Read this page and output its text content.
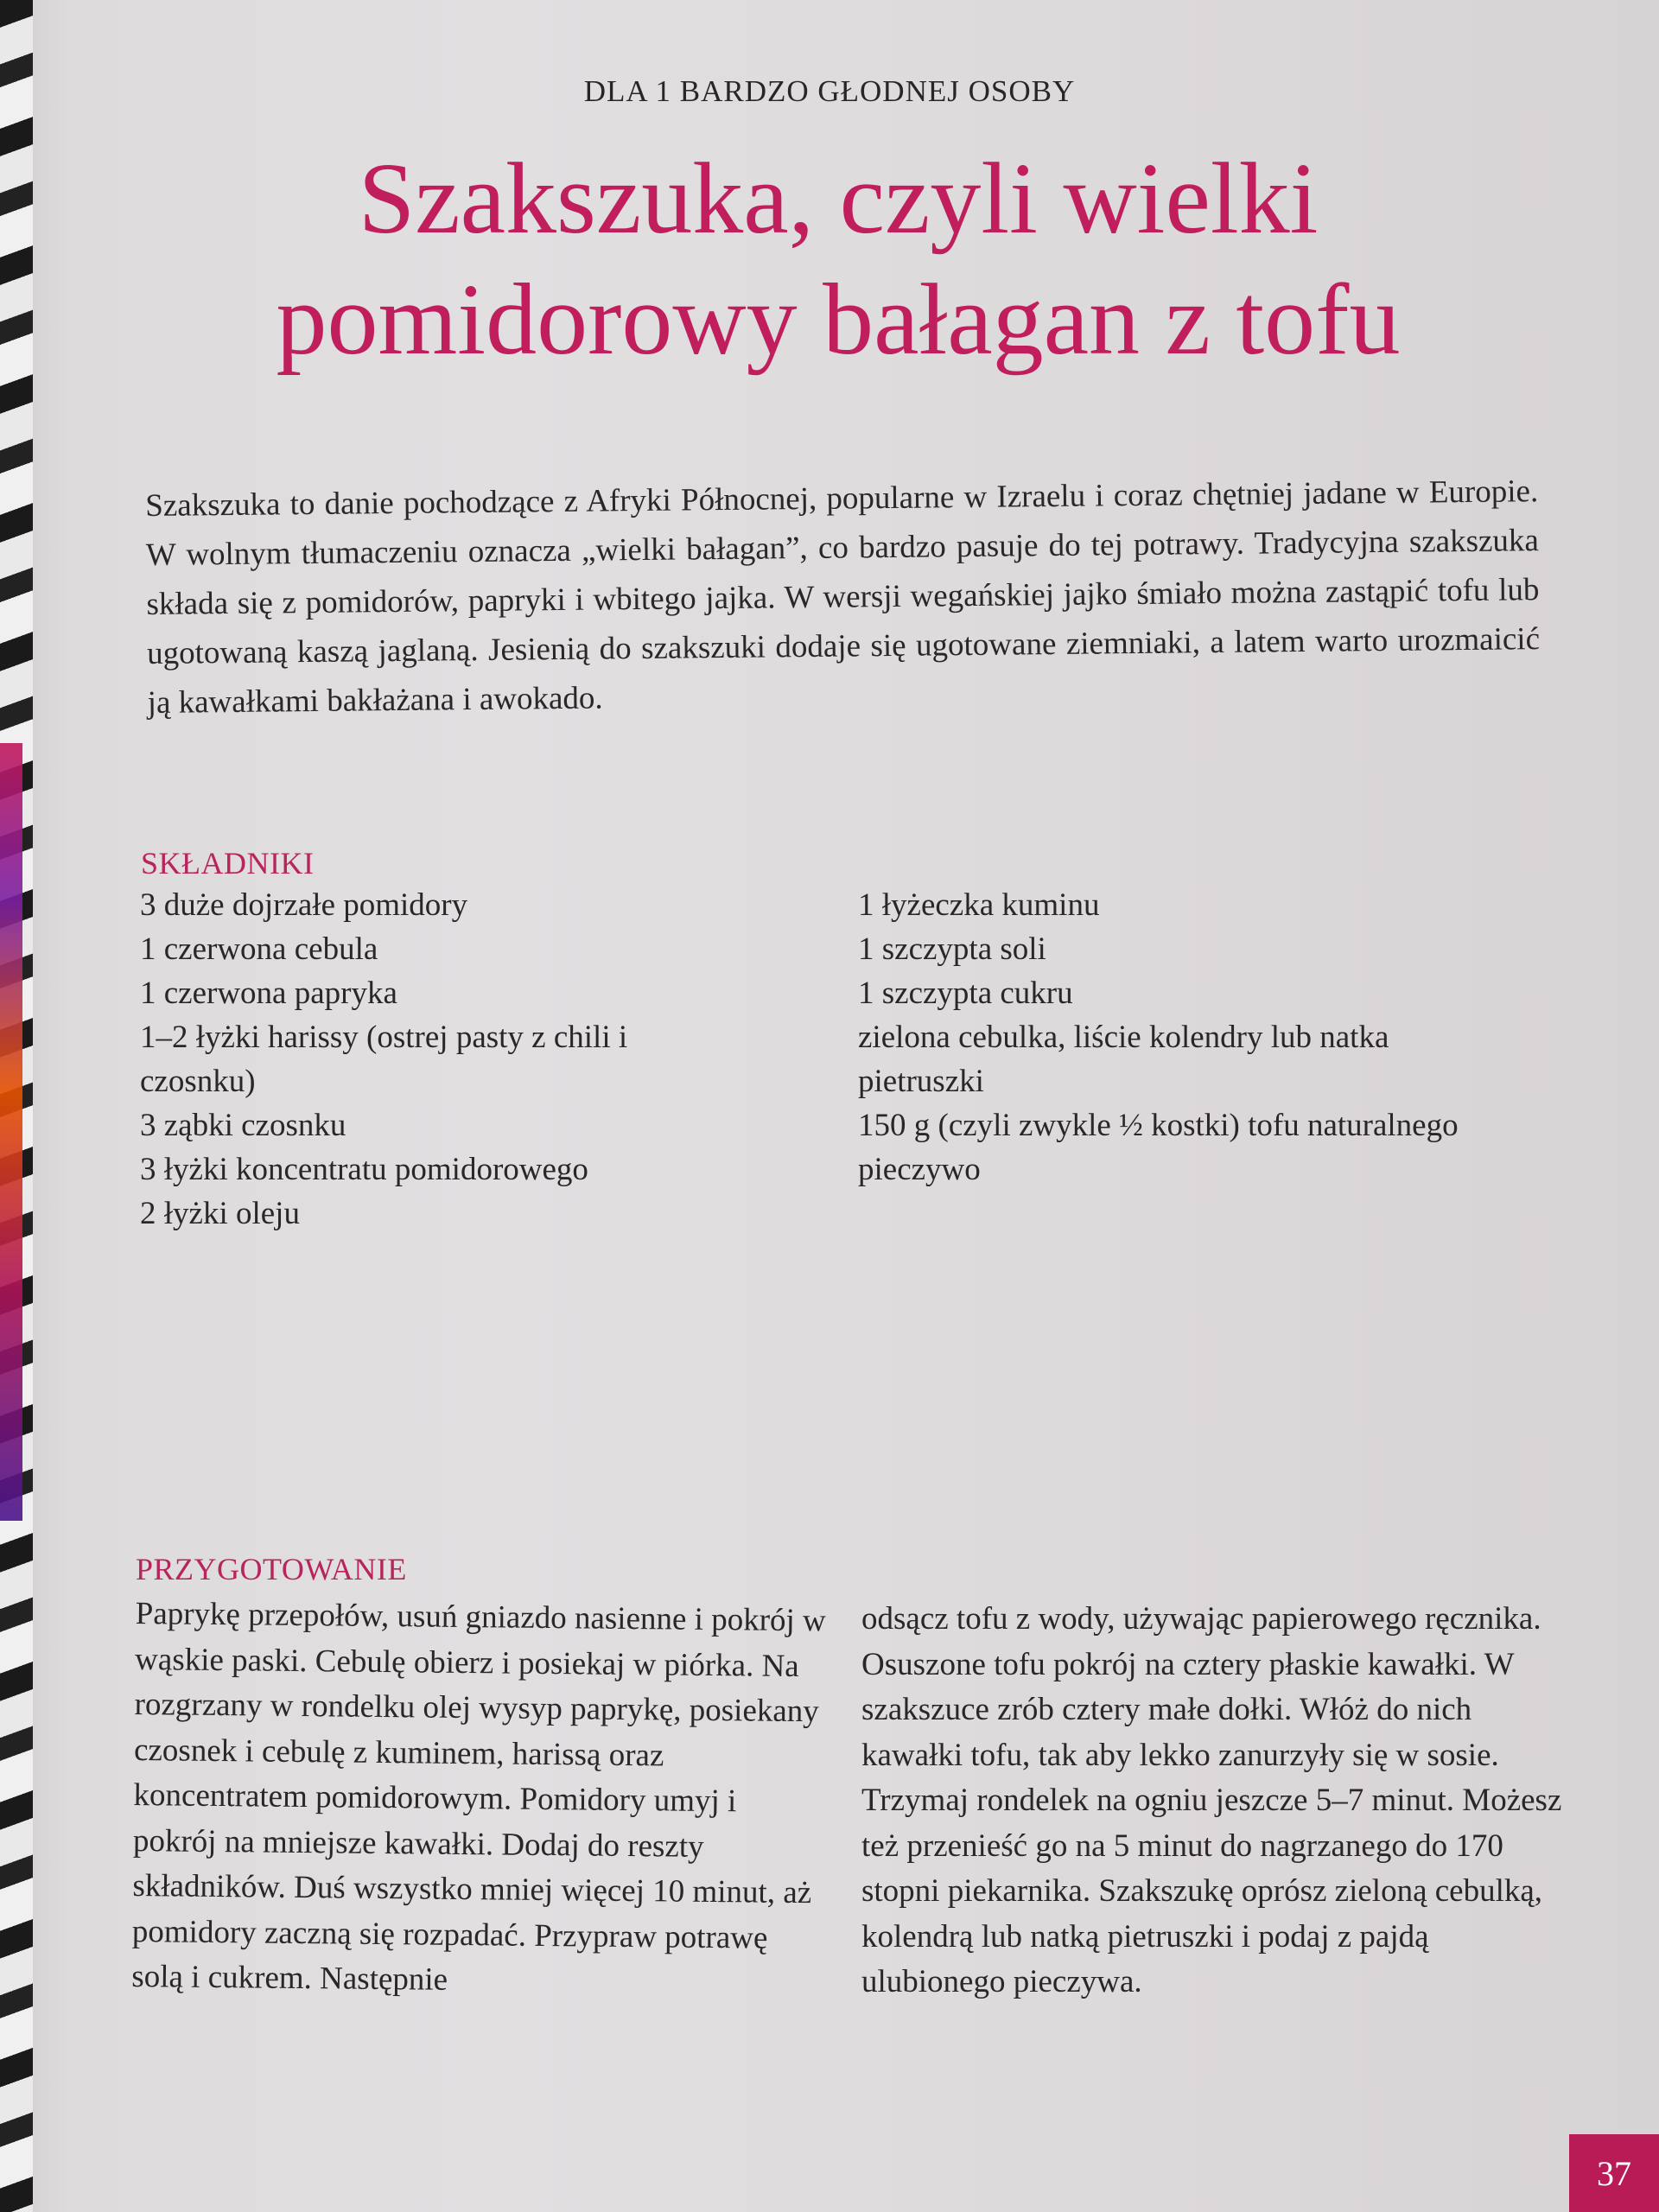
DLA 1 BARDZO GŁODNEJ OSOBY
Szakszuka, czyli wielki pomidorowy bałagan z tofu

Szakszuka to danie pochodzące z Afryki Północnej, popularne w Izraelu i coraz chętniej jadane w Europie. W wolnym tłumaczeniu oznacza „wielki bałagan”, co bardzo pasuje do tej potrawy. Tradycyjna szakszuka składa się z pomidorów, papryki i wbitego jajka. W wersji wegańskiej jajko śmiało można zastąpić tofu lub ugotowaną kaszą jaglaną. Jesienią do szakszuki dodaje się ugotowane ziemniaki, a latem warto urozmaicić ją kawałkami bakłażana i awokado.

SKŁADNIKI
3 duże dojrzałe pomidory
1 czerwona cebula
1 czerwona papryka
1–2 łyżki harissy (ostrej pasty z chili i czosnku)
3 ząbki czosnku
3 łyżki koncentratu pomidorowego
2 łyżki oleju
1 łyżeczka kuminu
1 szczypta soli
1 szczypta cukru
zielona cebulka, liście kolendry lub natka pietruszki
150 g (czyli zwykle ½ kostki) tofu naturalnego
pieczywo
PRZYGOTOWANIE

Paprykę przepołów, usuń gniazdo nasienne i pokrój w wąskie paski. Cebulę obierz i posiekaj w piórka. Na rozgrzany w rondelku olej wysyp paprykę, posiekany czosnek i cebulę z kuminem, harissą oraz koncentratem pomidorowym. Pomidory umyj i pokrój na mniejsze kawałki. Dodaj do reszty składników. Duś wszystko mniej więcej 10 minut, aż pomidory zaczną się rozpadać. Przypraw potrawę solą i cukrem. Następnie

odsącz tofu z wody, używając papierowego ręcznika. Osuszone tofu pokrój na cztery płaskie kawałki. W szakszuce zrób cztery małe dołki. Włóż do nich kawałki tofu, tak aby lekko zanurzyły się w sosie. Trzymaj rondelek na ogniu jeszcze 5–7 minut. Możesz też przenieść go na 5 minut do nagrzanego do 170 stopni piekarnika. Szakszukę oprósz zieloną cebulką, kolendrą lub natką pietruszki i podaj z pajdą ulubionego pieczywa.

37
